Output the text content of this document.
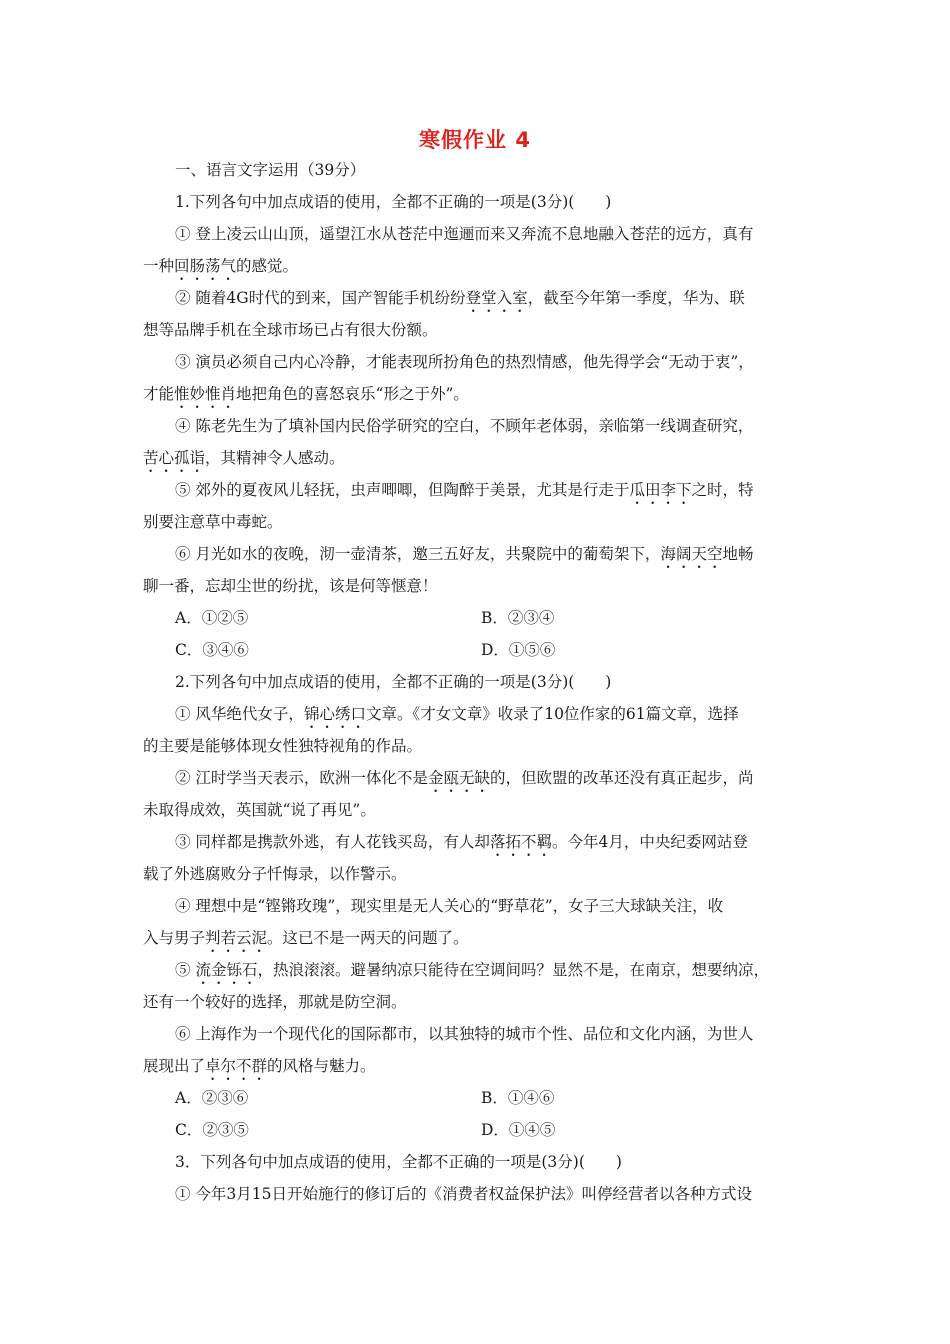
寒假作业 4
一、语言文字运用（39分）
1.下列各句中加点成语的使用，全都不正确的一项是(3分)(　　)
① 登上凌云山山顶，遥望江水从苍茫中迤逦而来又奔流不息地融入苍茫的远方，真有
一种回肠荡气的感觉。
② 随着4G时代的到来，国产智能手机纷纷登堂入室，截至今年第一季度，华为、联
想等品牌手机在全球市场已占有很大份额。
③ 演员必须自己内心冷静，才能表现所扮角色的热烈情感，他先得学会“无动于衷”，
才能惟妙惟肖地把角色的喜怒哀乐“形之于外”。
④ 陈老先生为了填补国内民俗学研究的空白，不顾年老体弱，亲临第一线调查研究，
苦心孤诣，其精神令人感动。
⑤ 郊外的夏夜风儿轻抚，虫声唧唧，但陶醉于美景，尤其是行走于瓜田李下之时，特
别要注意草中毒蛇。
⑥ 月光如水的夜晚，沏一壶清茶，邀三五好友，共聚院中的葡萄架下，海阔天空地畅
聊一番，忘却尘世的纷扰，该是何等惬意！
A．①②⑤	B．②③④
C．③④⑥	D．①⑤⑥
2.下列各句中加点成语的使用，全都不正确的一项是(3分)(　　)
① 风华绝代女子，锦心绣口文章。《才女文章》收录了10位作家的61篇文章，选择
的主要是能够体现女性独特视角的作品。
② 江时学当天表示，欧洲一体化不是金瓯无缺的，但欧盟的改革还没有真正起步，尚
未取得成效，英国就“说了再见”。
③ 同样都是携款外逃，有人花钱买岛，有人却落拓不羁。今年4月，中央纪委网站登
载了外逃腐败分子忏悔录，以作警示。
④ 理想中是“铿锵玫瑰”，现实里是无人关心的“野草花”，女子三大球缺关注，收
入与男子判若云泥。这已不是一两天的问题了。
⑤ 流金铄石，热浪滚滚。避暑纳凉只能待在空调间吗？显然不是，在南京，想要纳凉，
还有一个较好的选择，那就是防空洞。
⑥ 上海作为一个现代化的国际都市，以其独特的城市个性、品位和文化内涵，为世人
展现出了卓尔不群的风格与魅力。
A．②③⑥	B．①④⑥
C．②③⑤	D．①④⑤
3．下列各句中加点成语的使用，全都不正确的一项是(3分)(　　)
① 今年3月15日开始施行的修订后的《消费者权益保护法》叫停经营者以各种方式设
